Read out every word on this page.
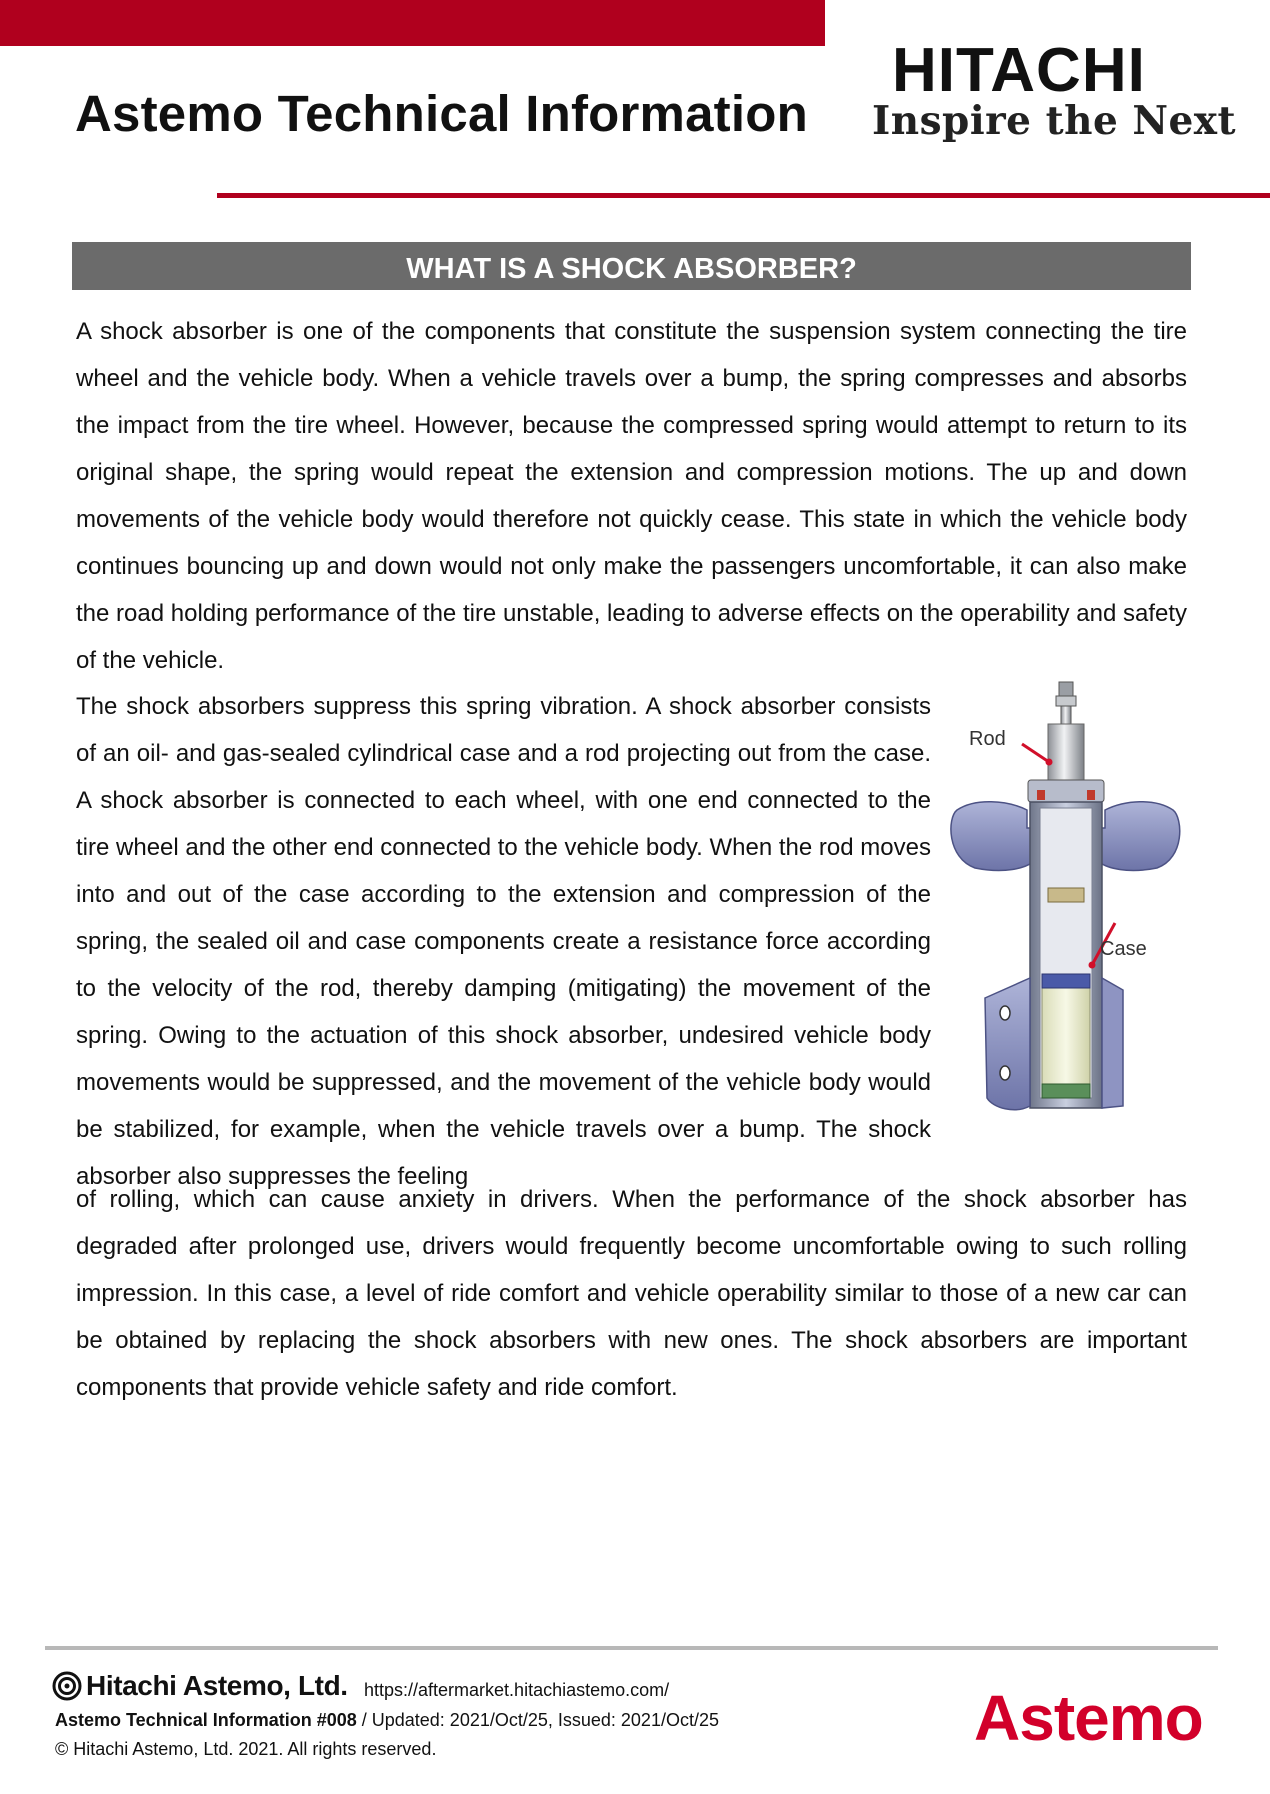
Astemo Technical Information
HITACHI
Inspire the Next
WHAT IS A SHOCK ABSORBER?
A shock absorber is one of the components that constitute the suspension system connecting the tire wheel and the vehicle body. When a vehicle travels over a bump, the spring compresses and absorbs the impact from the tire wheel. However, because the compressed spring would attempt to return to its original shape, the spring would repeat the extension and compression motions. The up and down movements of the vehicle body would therefore not quickly cease. This state in which the vehicle body continues bouncing up and down would not only make the passengers uncomfortable, it can also make the road holding performance of the tire unstable, leading to adverse effects on the operability and safety of the vehicle.
The shock absorbers suppress this spring vibration. A shock absorber consists of an oil- and gas-sealed cylindrical case and a rod projecting out from the case. A shock absorber is connected to each wheel, with one end connected to the tire wheel and the other end connected to the vehicle body. When the rod moves into and out of the case according to the extension and compression of the spring, the sealed oil and case components create a resistance force according to the velocity of the rod, thereby damping (mitigating) the movement of the spring. Owing to the actuation of this shock absorber, undesired vehicle body movements would be suppressed, and the movement of the vehicle body would be stabilized, for example, when the vehicle travels over a bump. The shock absorber also suppresses the feeling
of rolling, which can cause anxiety in drivers. When the performance of the shock absorber has degraded after prolonged use, drivers would frequently become uncomfortable owing to such rolling impression. In this case, a level of ride comfort and vehicle operability similar to those of a new car can be obtained by replacing the shock absorbers with new ones. The shock absorbers are important components that provide vehicle safety and ride comfort.
Rod
Case
Hitachi Astemo, Ltd. https://aftermarket.hitachiastemo.com/
Astemo Technical Information #008 / Updated: 2021/Oct/25, Issued: 2021/Oct/25
© Hitachi Astemo, Ltd. 2021. All rights reserved.	Astemo
